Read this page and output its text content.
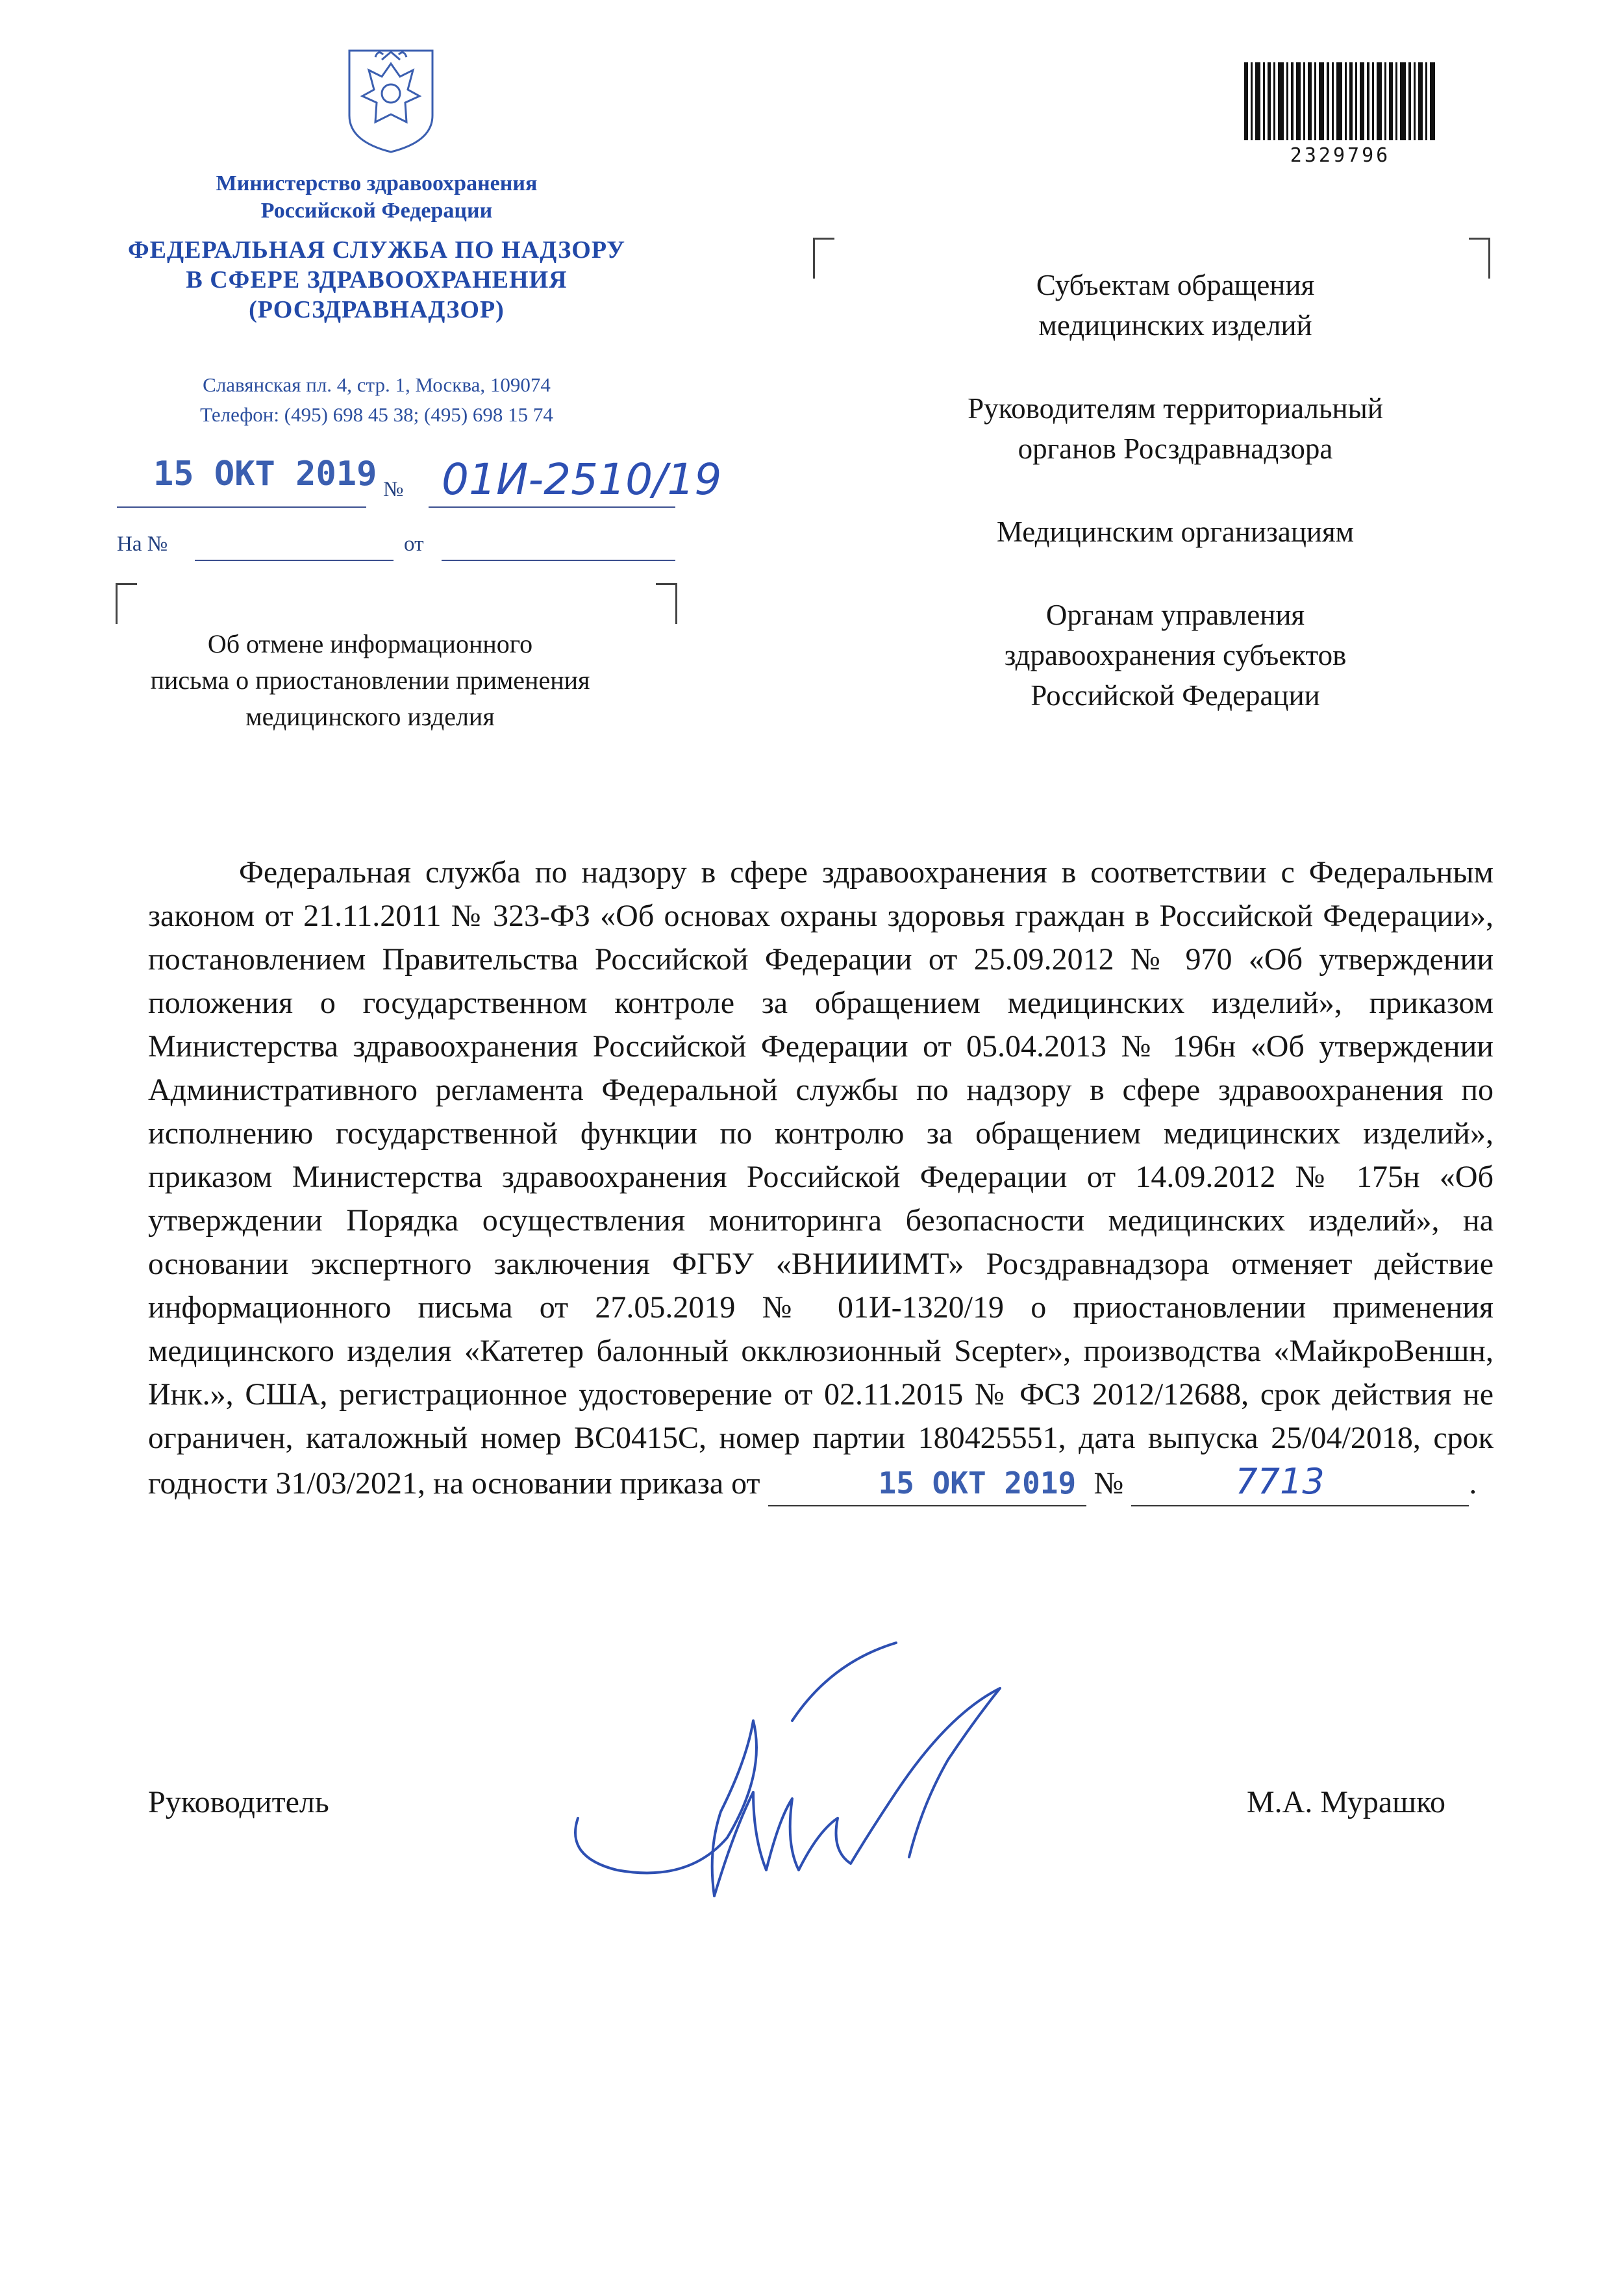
Министерство здравоохранения
Российской Федерации
ФЕДЕРАЛЬНАЯ СЛУЖБА ПО НАДЗОРУ
В СФЕРЕ ЗДРАВООХРАНЕНИЯ
(РОСЗДРАВНАДЗОР)
Славянская пл. 4, стр. 1, Москва, 109074
Телефон: (495) 698 45 38; (495) 698 15 74
15 ОКТ 2019 № 01И-2510/19
На №	от
Об отмене информационного
письма о приостановлении применения
медицинского изделия
2329796

Субъектам обращения
медицинских изделий

Руководителям территориальный
органов Росздравнадзора

Медицинским организациям

Органам управления
здравоохранения субъектов
Российской Федерации

Федеральная служба по надзору в сфере здравоохранения в соответствии с Федеральным законом от 21.11.2011 № 323-ФЗ «Об основах охраны здоровья граждан в Российской Федерации», постановлением Правительства Российской Федерации от 25.09.2012 № 970 «Об утверждении положения о государственном контроле за обращением медицинских изделий», приказом Министерства здравоохранения Российской Федерации от 05.04.2013 № 196н «Об утверждении Административного регламента Федеральной службы по надзору в сфере здравоохранения по исполнению государственной функции по контролю за обращением медицинских изделий», приказом Министерства здравоохранения Российской Федерации от 14.09.2012 № 175н «Об утверждении Порядка осуществления мониторинга безопасности медицинских изделий», на основании экспертного заключения ФГБУ «ВНИИИМТ» Росздравнадзора отменяет действие информационного письма от 27.05.2019 № 01И-1320/19 о приостановлении применения медицинского изделия «Катетер балонный окклюзионный Scepter», производства «МайкроВеншн, Инк.», США, регистрационное удостоверение от 02.11.2015 № ФСЗ 2012/12688, срок действия не ограничен, каталожный номер BC0415C, номер партии 180425551, дата выпуска 25/04/2018, срок годности 31/03/2021, на основании приказа от	15 ОКТ 2019 №	7713	.
Руководитель	М.А. Мурашко
